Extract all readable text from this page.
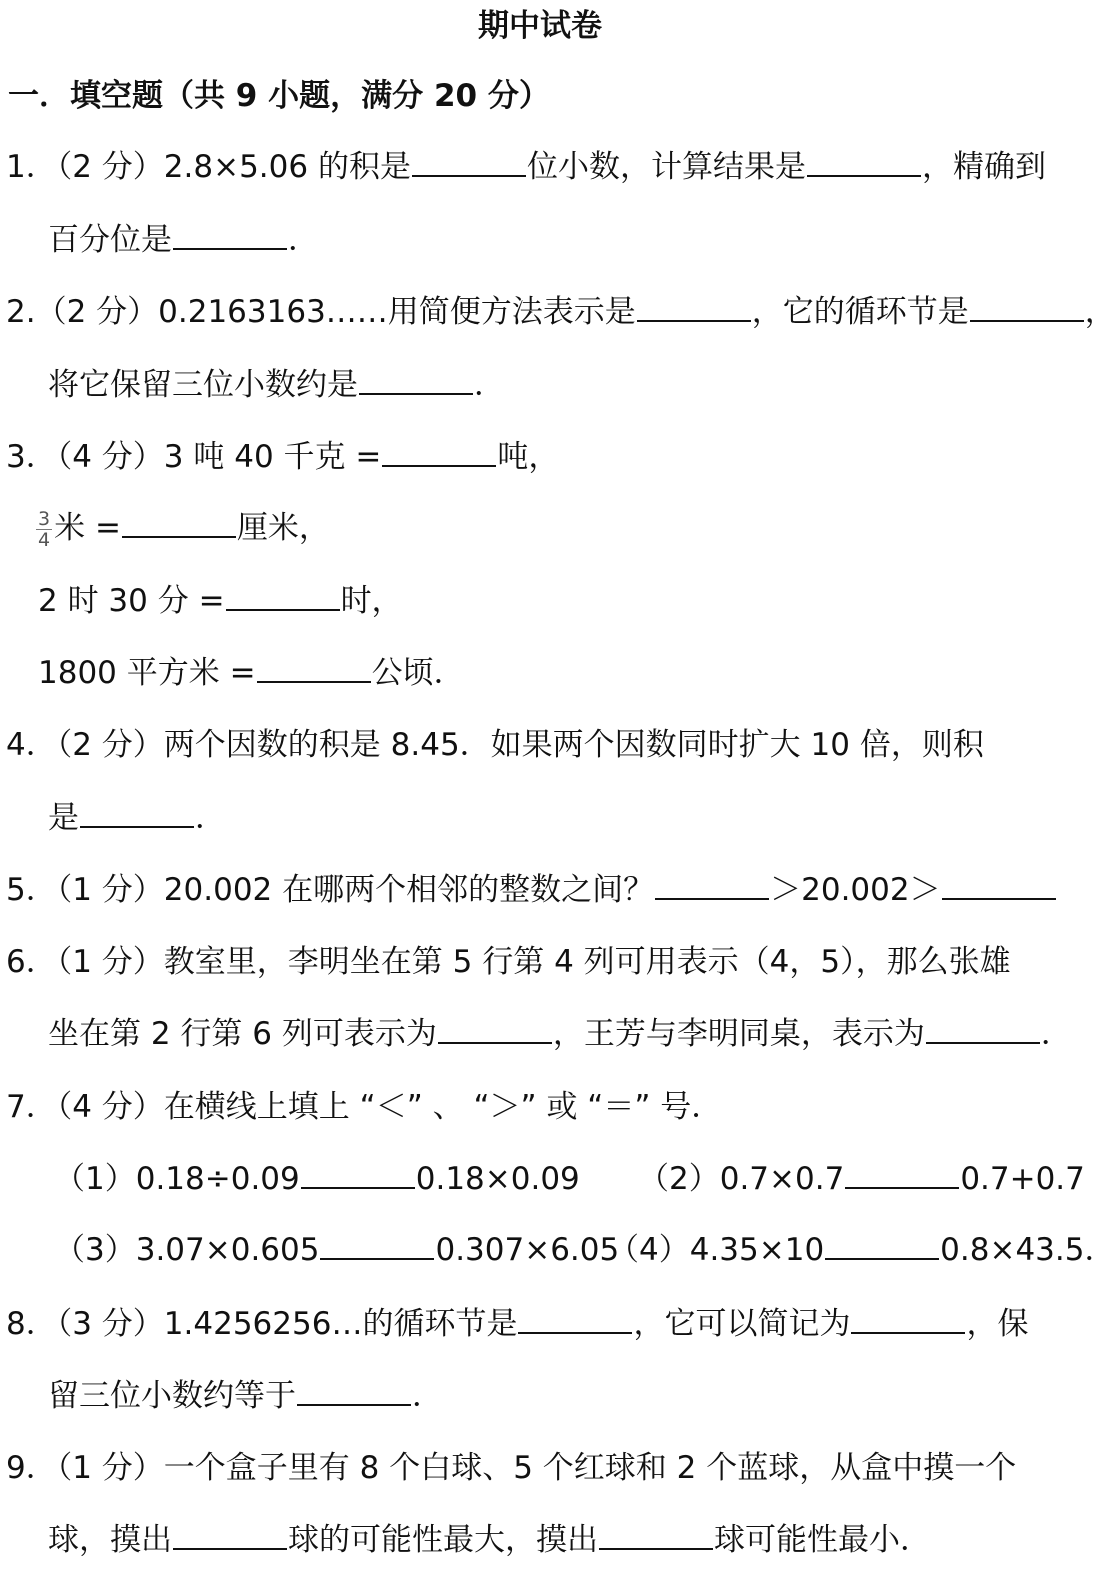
期中试卷
一．填空题（共 9 小题，满分 20 分）
1．（2 分）2.8×5.06 的积是	位小数，计算结果是	，精确到
百分位是	．
2.（2 分）0.2163163……用简便方法表示是	，它的循环节是	，
将它保留三位小数约是	．
3．（4 分）3 吨 40 千克 =	吨，
$\frac{3}{4}$ 米 =	厘米，
2 时 30 分 =	时，
1800 平方米 =	公顷．
4．（2 分）两个因数的积是 8.45．如果两个因数同时扩大 10 倍，则积
是	．
5．（1 分）20.002 在哪两个相邻的整数之间？	＞20.002＞
6．（1 分）教室里，李明坐在第 5 行第 4 列可用表示（4，5），那么张雄
坐在第 2 行第 6 列可表示为	，王芳与李明同桌，表示为	．
7．（4 分）在横线上填上 “＜” 、 “＞” 或 “＝” 号．
（1）0.18÷0.09	0.18×0.09 （2）0.7×0.7	0.7+0.7
（3）3.07×0.605	0.307×6.05
（4）4.35×10	0.8×43.5．
8．（3 分）1.4256256…的循环节是	，它可以简记为	，保
留三位小数约等于	．
9．（1 分）一个盒子里有 8 个白球、5 个红球和 2 个蓝球，从盒中摸一个
球，摸出	球的可能性最大，摸出	球可能性最小．
